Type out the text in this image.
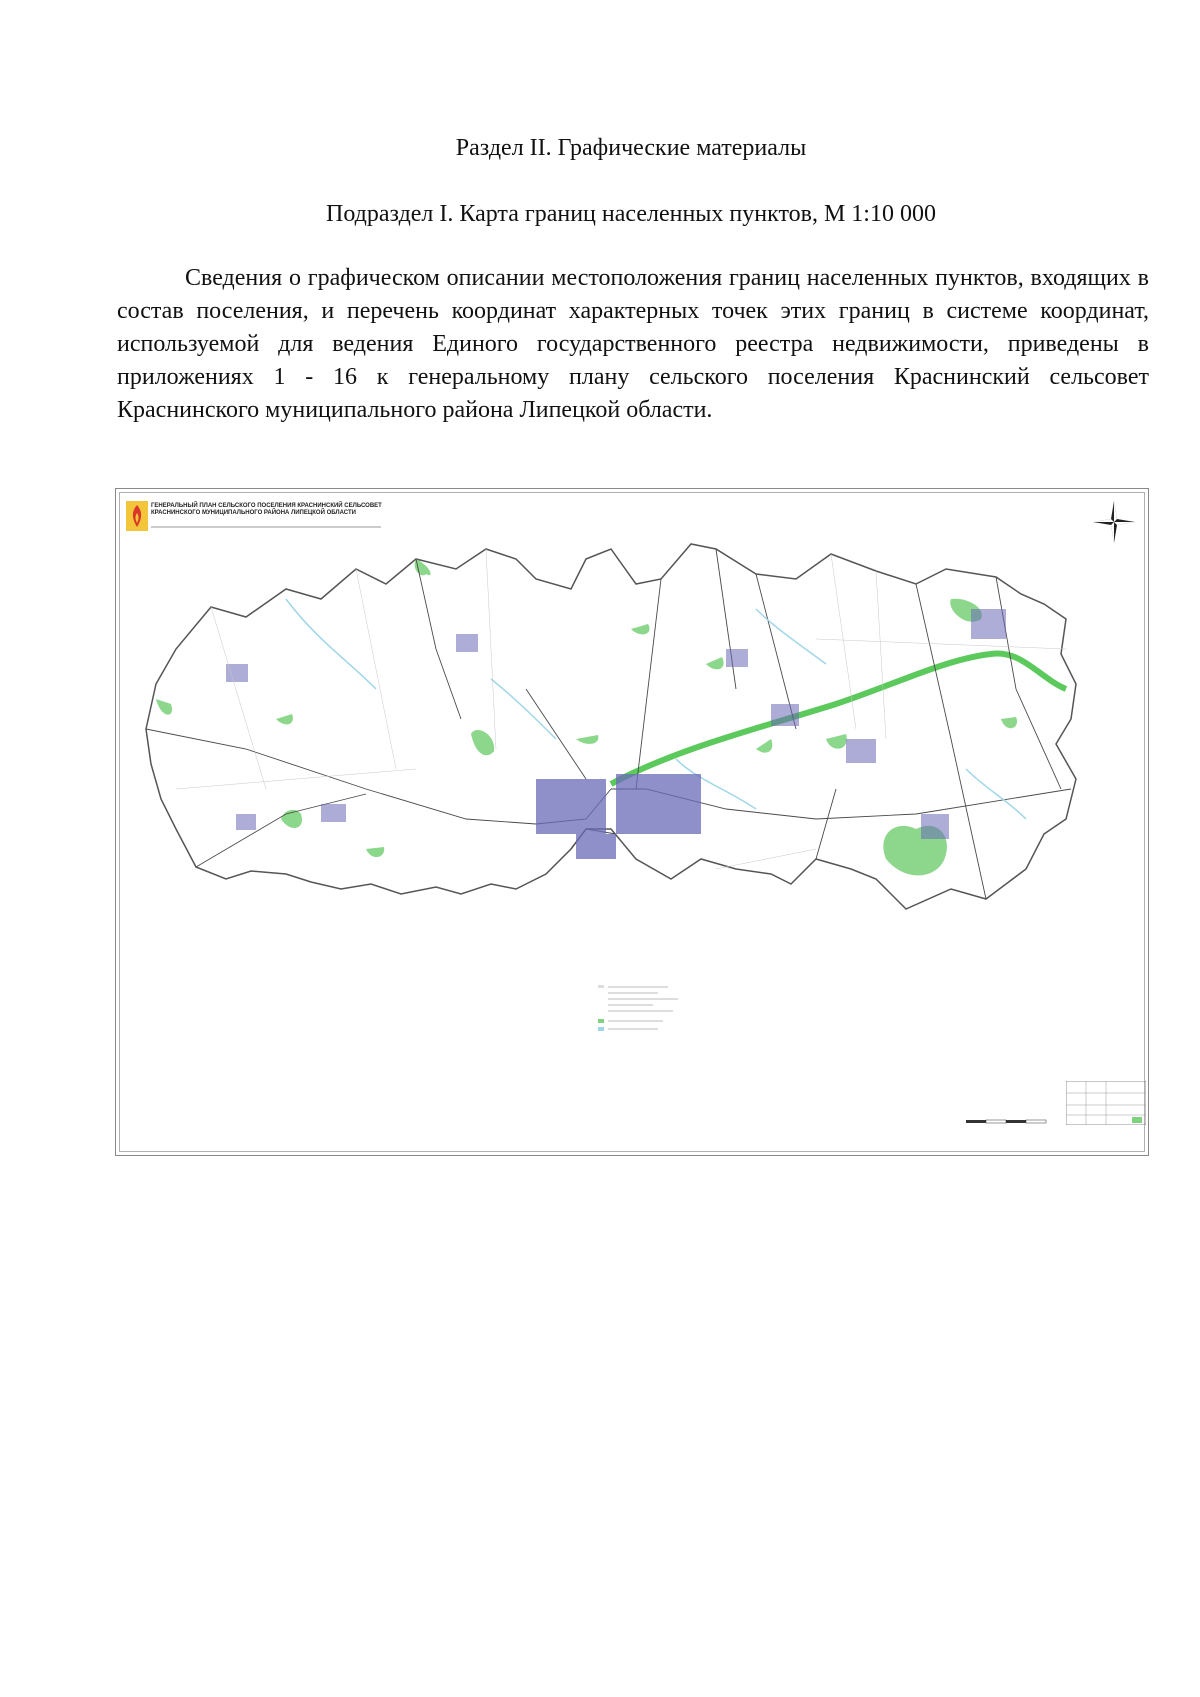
Раздел II. Графические материалы
Подраздел I. Карта границ населенных пунктов, М 1:10 000

Сведения о графическом описании местоположения границ населенных пунктов, входящих в состав поселения, и перечень координат характерных точек этих границ в системе координат, используемой для ведения Единого государственного реестра недвижимости, приведены в приложениях 1 - 16 к генеральному плану сельского поселения Краснинский сельсовет Краснинского муниципального района Липецкой области.

ГЕНЕРАЛЬНЫЙ ПЛАН СЕЛЬСКОГО ПОСЕЛЕНИЯ КРАСНИНСКИЙ СЕЛЬСОВЕТ КРАСНИНСКОГО МУНИЦИПАЛЬНОГО РАЙОНА ЛИПЕЦКОЙ ОБЛАСТИ
